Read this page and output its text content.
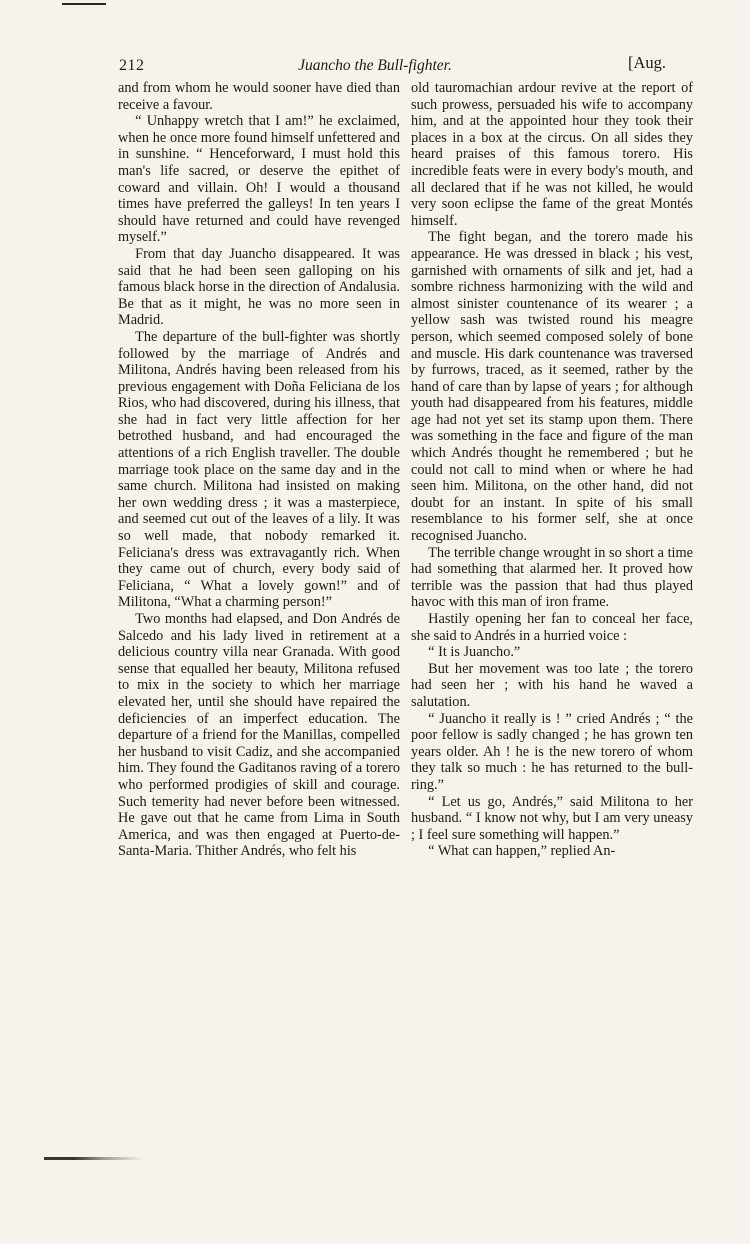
212	Juancho the Bull-fighter.	[Aug.

and from whom he would sooner have died than receive a favour.

“ Unhappy wretch that I am!” he exclaimed, when he once more found himself unfettered and in sunshine. “ Henceforward, I must hold this man's life sacred, or deserve the epithet of coward and villain. Oh! I would a thousand times have preferred the galleys! In ten years I should have returned and could have revenged myself.”

From that day Juancho disappeared. It was said that he had been seen galloping on his famous black horse in the direction of Andalusia. Be that as it might, he was no more seen in Madrid.

The departure of the bull-fighter was shortly followed by the marriage of Andrés and Militona, Andrés having been released from his previous engagement with Doña Feliciana de los Rios, who had discovered, during his illness, that she had in fact very little affection for her betrothed husband, and had encouraged the attentions of a rich English traveller. The double marriage took place on the same day and in the same church. Militona had insisted on making her own wedding dress ; it was a masterpiece, and seemed cut out of the leaves of a lily. It was so well made, that nobody remarked it. Feliciana's dress was extravagantly rich. When they came out of church, every body said of Feliciana, “ What a lovely gown!” and of Militona, “What a charming person!”

Two months had elapsed, and Don Andrés de Salcedo and his lady lived in retirement at a delicious country villa near Granada. With good sense that equalled her beauty, Militona refused to mix in the society to which her marriage elevated her, until she should have repaired the deficiencies of an imperfect education. The departure of a friend for the Manillas, compelled her husband to visit Cadiz, and she accompanied him. They found the Gaditanos raving of a torero who performed prodigies of skill and courage. Such temerity had never before been witnessed. He gave out that he came from Lima in South America, and was then engaged at Puerto-de-Santa-Maria. Thither Andrés, who felt his

old tauromachian ardour revive at the report of such prowess, persuaded his wife to accompany him, and at the appointed hour they took their places in a box at the circus. On all sides they heard praises of this famous torero. His incredible feats were in every body's mouth, and all declared that if he was not killed, he would very soon eclipse the fame of the great Montés himself.

The fight began, and the torero made his appearance. He was dressed in black ; his vest, garnished with ornaments of silk and jet, had a sombre richness harmonizing with the wild and almost sinister countenance of its wearer ; a yellow sash was twisted round his meagre person, which seemed composed solely of bone and muscle. His dark countenance was traversed by furrows, traced, as it seemed, rather by the hand of care than by lapse of years ; for although youth had disappeared from his features, middle age had not yet set its stamp upon them. There was something in the face and figure of the man which Andrés thought he remembered ; but he could not call to mind when or where he had seen him. Militona, on the other hand, did not doubt for an instant. In spite of his small resemblance to his former self, she at once recognised Juancho.

The terrible change wrought in so short a time had something that alarmed her. It proved how terrible was the passion that had thus played havoc with this man of iron frame.

Hastily opening her fan to conceal her face, she said to Andrés in a hurried voice :

“ It is Juancho.”

But her movement was too late ; the torero had seen her ; with his hand he waved a salutation.

“ Juancho it really is ! ” cried Andrés ; “ the poor fellow is sadly changed ; he has grown ten years older. Ah ! he is the new torero of whom they talk so much : he has returned to the bull-ring.”

“ Let us go, Andrés,” said Militona to her husband. “ I know not why, but I am very uneasy ; I feel sure something will happen.”

“ What can happen,” replied An-
